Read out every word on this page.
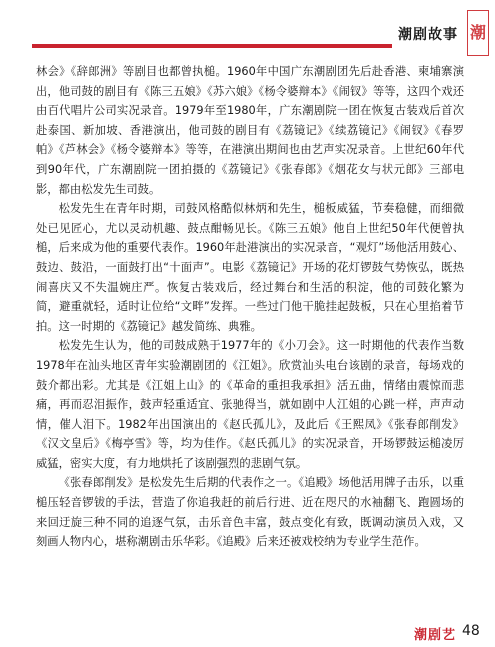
潮剧故事 潮

林会》《辞郎洲》等剧目也都曾执槌。1960年中国广东潮剧团先后赴香港、柬埔寨演出，他司鼓的剧目有《陈三五娘》《苏六娘》《杨令婆辩本》《闹钗》等等，这四个戏还由百代唱片公司实况录音。1979年至1980年，广东潮剧院一团在恢复古装戏后首次赴泰国、新加坡、香港演出，他司鼓的剧目有《荔镜记》《续荔镜记》《闹钗》《春罗帕》《芦林会》《杨令婆辩本》等等，在港演出期间也由艺声实况录音。上世纪60年代到90年代，广东潮剧院一团拍摄的《荔镜记》《张春郎》《烟花女与状元郎》三部电影，都由松发先生司鼓。

松发先生在青年时期，司鼓风格酷似林炳和先生，槌板威猛，节奏稳健，而细微处已见匠心，尤以灵动机趣、鼓点酣畅见长。《陈三五娘》他自上世纪50年代便曾执槌，后来成为他的重要代表作。1960年赴港演出的实况录音，“观灯”场他活用鼓心、鼓边、鼓沿，一面鼓打出“十面声”。电影《荔镜记》开场的花灯锣鼓气势恢弘，既热闹喜庆又不失温婉庄严。恢复古装戏后，经过舞台和生活的积淀，他的司鼓化繁为简，避重就轻，适时让位给“文畔”发挥。一些过门他干脆挂起鼓板，只在心里掐着节拍。这一时期的《荔镜记》越发简练、典雅。

松发先生认为，他的司鼓成熟于1977年的《小刀会》。这一时期他的代表作当数1978年在汕头地区青年实验潮剧团的《江姐》。欣赏汕头电台该剧的录音，每场戏的鼓介都出彩。尤其是《江姐上山》的《革命的重担我承担》活五曲，情绪由震惊而悲痛，再而忍泪振作，鼓声轻重适宜、张驰得当，就如剧中人江姐的心跳一样，声声动情，催人泪下。1982年出国演出的《赵氏孤儿》，及此后《王熙凤》《张春郎削发》《汉文皇后》《梅亭雪》等，均为佳作。《赵氏孤儿》的实况录音，开场锣鼓运槌凌厉威猛，密实大度，有力地烘托了该剧强烈的悲剧气氛。

《张春郎削发》是松发先生后期的代表作之一。《追殿》场他活用牌子击乐，以重槌压轻音锣钹的手法，营造了你追我赶的前后行进、近在咫尺的水袖翻飞、跑圆场的来回迂旋三种不同的追逐气氛，击乐音色丰富，鼓点变化有致，既调动演员入戏，又刻画人物内心，堪称潮剧击乐华彩。《追殿》后来还被戏校纳为专业学生范作。

潮剧艺 48
